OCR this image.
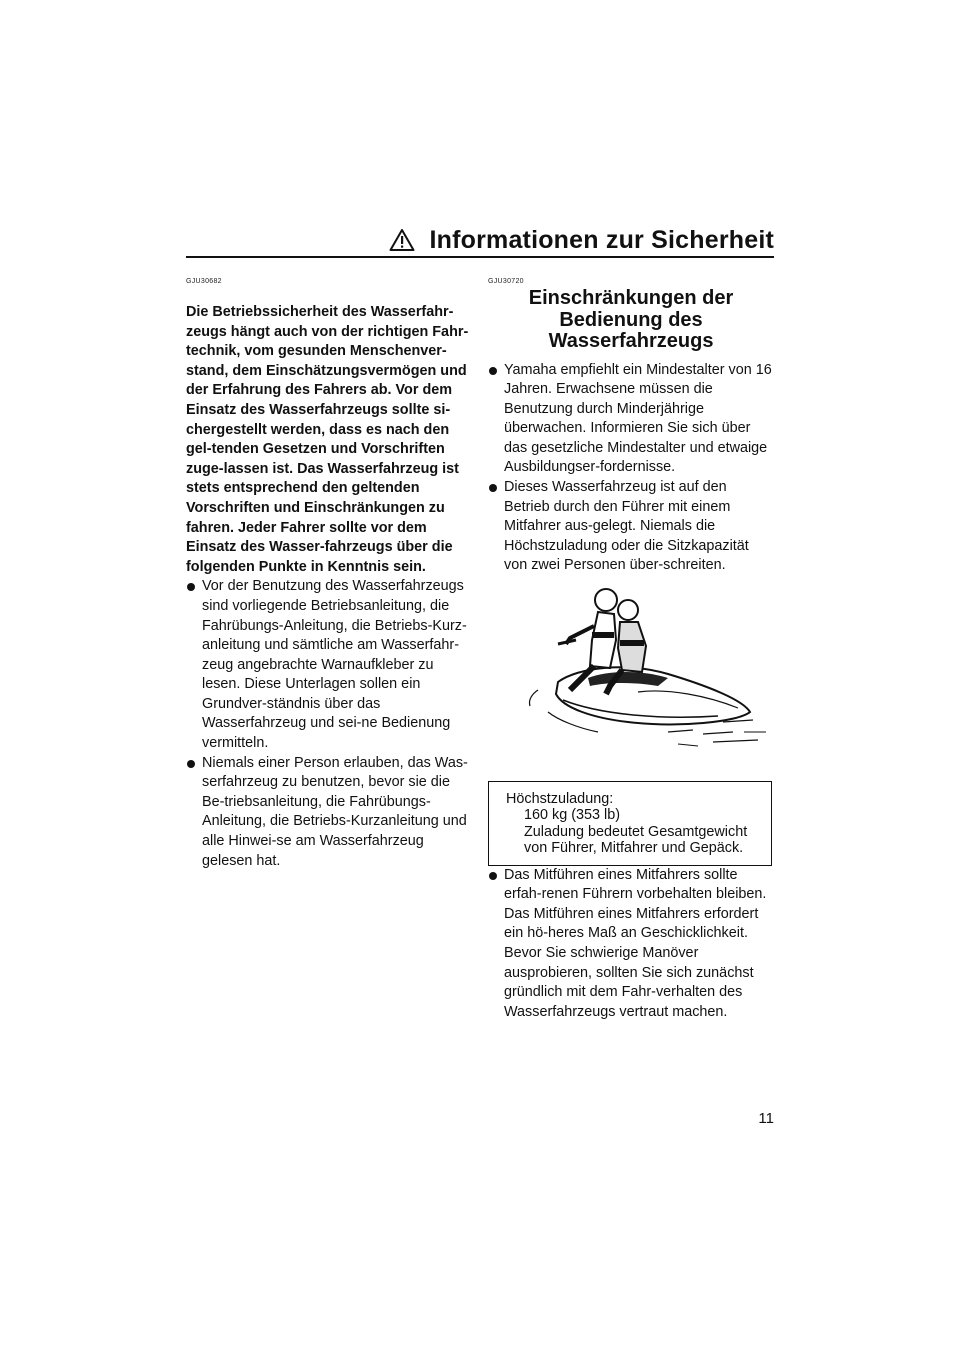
Informationen zur Sicherheit
GJU30682
Die Betriebssicherheit des Wasserfahr-zeugs hängt auch von der richtigen Fahr-technik, vom gesunden Menschenver-stand, dem Einschätzungsvermögen und der Erfahrung des Fahrers ab. Vor dem Einsatz des Wasserfahrzeugs sollte si-chergestellt werden, dass es nach den gel-tenden Gesetzen und Vorschriften zuge-lassen ist. Das Wasserfahrzeug ist stets entsprechend den geltenden Vorschriften und Einschränkungen zu fahren. Jeder Fahrer sollte vor dem Einsatz des Wasser-fahrzeugs über die folgenden Punkte in Kenntnis sein.
Vor der Benutzung des Wasserfahrzeugs sind vorliegende Betriebsanleitung, die Fahrübungs-Anleitung, die Betriebs-Kurz-anleitung und sämtliche am Wasserfahr-zeug angebrachte Warnaufkleber zu lesen. Diese Unterlagen sollen ein Grundver-ständnis über das Wasserfahrzeug und sei-ne Bedienung vermitteln.
Niemals einer Person erlauben, das Was-serfahrzeug zu benutzen, bevor sie die Be-triebsanleitung, die Fahrübungs-Anleitung, die Betriebs-Kurzanleitung und alle Hinwei-se am Wasserfahrzeug gelesen hat.
GJU30720
Einschränkungen der Bedienung des Wasserfahrzeugs
Yamaha empfiehlt ein Mindestalter von 16 Jahren. Erwachsene müssen die Benutzung durch Minderjährige überwachen. Informieren Sie sich über das gesetzliche Mindestalter und etwaige Ausbildungser-fordernisse.
Dieses Wasserfahrzeug ist auf den Betrieb durch den Führer mit einem Mitfahrer aus-gelegt. Niemals die Höchstzuladung oder die Sitzkapazität von zwei Personen über-schreiten.
Höchstzuladung:
160 kg (353 lb)
Zuladung bedeutet Gesamtgewicht von Führer, Mitfahrer und Gepäck.
Das Mitführen eines Mitfahrers sollte erfah-renen Führern vorbehalten bleiben. Das Mitführen eines Mitfahrers erfordert ein hö-heres Maß an Geschicklichkeit. Bevor Sie schwierige Manöver ausprobieren, sollten Sie sich zunächst gründlich mit dem Fahr-verhalten des Wasserfahrzeugs vertraut machen.
11
